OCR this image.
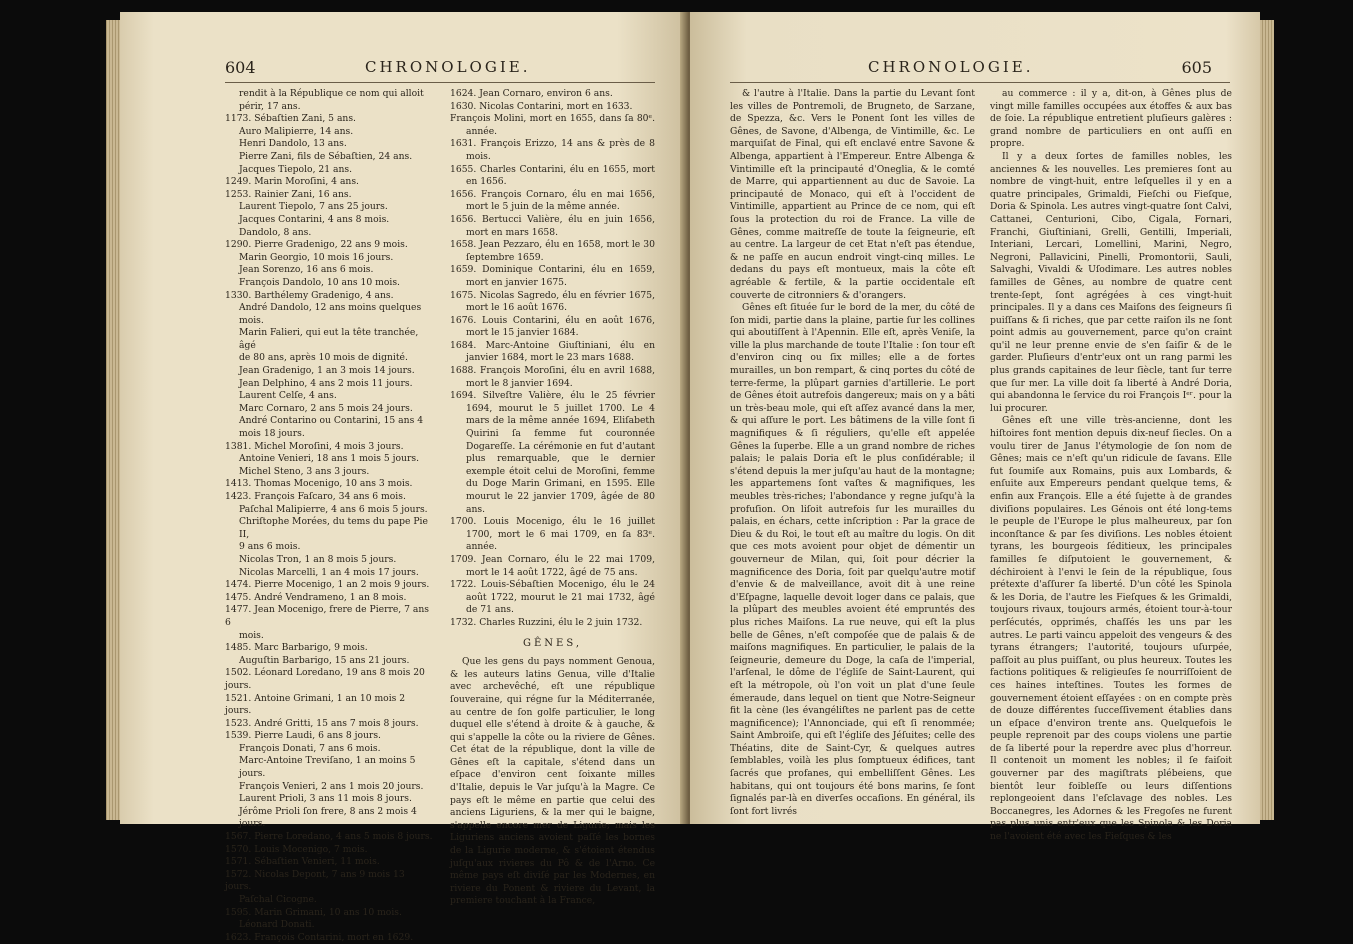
604	CHRONOLOGIE.

rendit à la République ce nom qui alloit

périr, 17 ans.

1173. Sébaſtien Zani, 5 ans.

Auro Malipierre, 14 ans.

Henri Dandolo, 13 ans.

Pierre Zani, fils de Sébaſtien, 24 ans.

Jacques Tiepolo, 21 ans.

1249. Marin Moroſini, 4 ans.

1253. Rainier Zani, 16 ans.

Laurent Tiepolo, 7 ans 25 jours.

Jacques Contarini, 4 ans 8 mois.

Dandolo, 8 ans.

1290. Pierre Gradenigo, 22 ans 9 mois.

Marin Georgio, 10 mois 16 jours.

Jean Sorenzo, 16 ans 6 mois.

François Dandolo, 10 ans 10 mois.

1330. Barthélemy Gradenigo, 4 ans.

André Dandolo, 12 ans moins quelques mois.

Marin Falieri, qui eut la tête tranchée, âgé

de 80 ans, après 10 mois de dignité.

Jean Gradenigo, 1 an 3 mois 14 jours.

Jean Delphino, 4 ans 2 mois 11 jours.

Laurent Celſe, 4 ans.

Marc Cornaro, 2 ans 5 mois 24 jours.

André Contarino ou Contarini, 15 ans 4

mois 18 jours.

1381. Michel Moroſini, 4 mois 3 jours.

Antoine Venieri, 18 ans 1 mois 5 jours.

Michel Steno, 3 ans 3 jours.

1413. Thomas Mocenigo, 10 ans 3 mois.

1423. François Faſcaro, 34 ans 6 mois.

Paſchal Malipierre, 4 ans 6 mois 5 jours.

Chriſtophe Morées, du tems du pape Pie II,

9 ans 6 mois.

Nicolas Tron, 1 an 8 mois 5 jours.

Nicolas Marcelli, 1 an 4 mois 17 jours.

1474. Pierre Mocenigo, 1 an 2 mois 9 jours.

1475. André Vendrameno, 1 an 8 mois.

1477. Jean Mocenigo, frere de Pierre, 7 ans 6

mois.

1485. Marc Barbarigo, 9 mois.

Auguſtin Barbarigo, 15 ans 21 jours.

1502. Léonard Loredano, 19 ans 8 mois 20 jours.

1521. Antoine Grimani, 1 an 10 mois 2 jours.

1523. André Gritti, 15 ans 7 mois 8 jours.

1539. Pierre Laudi, 6 ans 8 jours.

François Donati, 7 ans 6 mois.

Marc-Antoine Treviſano, 1 an moins 5 jours.

François Venieri, 2 ans 1 mois 20 jours.

Laurent Prioli, 3 ans 11 mois 8 jours.

Jérôme Prioli ſon frere, 8 ans 2 mois 4

jours.

1567. Pierre Loredano, 4 ans 5 mois 8 jours.

1570. Louis Mocenigo, 7 mois.

1571. Sébaſtien Venieri, 11 mois.

1572. Nicolas Depont, 7 ans 9 mois 13 jours.

Paſchal Cicogne.

1595. Marin Grimani, 10 ans 10 mois.

Léonard Donati.

1623. François Contarini, mort en 1629.

1624. Jean Cornaro, environ 6 ans.

1630. Nicolas Contarini, mort en 1633.

François Molini, mort en 1655, dans ſa 80ᵉ. année.

1631. François Erizzo, 14 ans & près de 8 mois.

1655. Charles Contarini, élu en 1655, mort en 1656.

1656. François Cornaro, élu en mai 1656, mort le 5 juin de la même année.

1656. Bertucci Valière, élu en juin 1656, mort en mars 1658.

1658. Jean Pezzaro, élu en 1658, mort le 30 ſeptembre 1659.

1659. Dominique Contarini, élu en 1659, mort en janvier 1675.

1675. Nicolas Sagredo, élu en février 1675, mort le 16 août 1676.

1676. Louis Contarini, élu en août 1676, mort le 15 janvier 1684.

1684. Marc-Antoine Giuſtiniani, élu en janvier 1684, mort le 23 mars 1688.

1688. François Moroſini, élu en avril 1688, mort le 8 janvier 1694.

1694. Silveſtre Valière, élu le 25 février 1694, mourut le 5 juillet 1700. Le 4 mars de la même année 1694, Eliſabeth Quirini ſa femme fut couronnée Dogareſſe. La cérémonie en fut d'autant plus remarquable, que le dernier exemple étoit celui de Moroſini, femme du Doge Marin Grimani, en 1595. Elle mourut le 22 janvier 1709, âgée de 80 ans.

1700. Louis Mocenigo, élu le 16 juillet 1700, mort le 6 mai 1709, en ſa 83ᵉ. année.

1709. Jean Cornaro, élu le 22 mai 1709, mort le 14 août 1722, âgé de 75 ans.

1722. Louis-Sébaſtien Mocenigo, élu le 24 août 1722, mourut le 21 mai 1732, âgé de 71 ans.

1732. Charles Ruzzini, élu le 2 juin 1732.

GÊNES,

Que les gens du pays nomment Genoua, & les auteurs latins Genua, ville d'Italie avec archevêché, eſt une république ſouveraine, qui régne ſur la Méditerranée, au centre de ſon golfe particulier, le long duquel elle s'étend à droite & à gauche, & qui s'appelle la côte ou la riviere de Gênes. Cet état de la république, dont la ville de Gênes eſt la capitale, s'étend dans un eſpace d'environ cent ſoixante milles d'Italie, depuis le Var juſqu'à la Magre. Ce pays eſt le même en partie que celui des anciens Liguriens, & la mer qui le baigne, s'appelle encore mer de Ligurie; mais les Liguriens anciens avoient paſſé les bornes de la Ligurie moderne, & s'étoient étendus juſqu'aux rivieres du Pô & de l'Arno. Ce même pays eſt diviſé par les Modernes, en riviere du Ponent & riviere du Levant, la premiere touchant à la France,

CHRONOLOGIE.	605

& l'autre à l'Italie. Dans la partie du Levant ſont les villes de Pontremoli, de Brugneto, de Sarzane, de Spezza, &c. Vers le Ponent ſont les villes de Gênes, de Savone, d'Albenga, de Vintimille, &c. Le marquiſat de Final, qui eſt enclavé entre Savone & Albenga, appartient à l'Empereur. Entre Albenga & Vintimille eſt la principauté d'Oneglia, & le comté de Marre, qui appartiennent au duc de Savoie. La principauté de Monaco, qui eſt à l'occident de Vintimille, appartient au Prince de ce nom, qui eſt ſous la protection du roi de France. La ville de Gênes, comme maitreſſe de toute la ſeigneurie, eſt au centre. La largeur de cet Etat n'eſt pas étendue, & ne paſſe en aucun endroit vingt-cinq milles. Le dedans du pays eſt montueux, mais la côte eſt agréable & fertile, & la partie occidentale eſt couverte de citronniers & d'orangers.

Gênes eſt ſituée ſur le bord de la mer, du côté de ſon midi, partie dans la plaine, partie ſur les collines qui aboutiſſent à l'Apennin. Elle eſt, après Veniſe, la ville la plus marchande de toute l'Italie : ſon tour eſt d'environ cinq ou ſix milles; elle a de fortes murailles, un bon rempart, & cinq portes du côté de terre-ferme, la plûpart garnies d'artillerie. Le port de Gênes étoit autrefois dangereux; mais on y a bâti un très-beau mole, qui eſt aſſez avancé dans la mer, & qui aſſure le port. Les bâtimens de la ville ſont ſi magnifiques & ſi réguliers, qu'elle eſt appelée Gênes la ſuperbe. Elle a un grand nombre de riches palais; le palais Doria eſt le plus conſidérable; il s'étend depuis la mer juſqu'au haut de la montagne; les appartemens ſont vaſtes & magnifiques, les meubles très-riches; l'abondance y regne juſqu'à la profuſion. On liſoit autrefois ſur les murailles du palais, en échars, cette inſcription : Par la grace de Dieu & du Roi, le tout eſt au maître du logis. On dit que ces mots avoient pour objet de démentir un gouverneur de Milan, qui, ſoit pour décrier la magnificence des Doria, ſoit par quelqu'autre motif d'envie & de malveillance, avoit dit à une reine d'Eſpagne, laquelle devoit loger dans ce palais, que la plûpart des meubles avoient été empruntés des plus riches Maiſons. La rue neuve, qui eſt la plus belle de Gênes, n'eſt compoſée que de palais & de maiſons magnifiques. En particulier, le palais de la ſeigneurie, demeure du Doge, la caſa de l'imperial, l'arſenal, le dôme de l'égliſe de Saint-Laurent, qui eſt la métropole, où l'on voit un plat d'une ſeule émeraude, dans lequel on tient que Notre-Seigneur fit la cène (les évangéliſtes ne parlent pas de cette magnificence); l'Annonciade, qui eſt ſi renommée; Saint Ambroiſe, qui eſt l'égliſe des Jéſuites; celle des Théatins, dite de Saint-Cyr, & quelques autres ſemblables, voilà les plus ſomptueux édifices, tant ſacrés que profanes, qui embelliſſent Gênes. Les habitans, qui ont toujours été bons marins, ſe ſont ſignalés par-là en diverſes occaſions. En général, ils ſont fort livrés

au commerce : il y a, dit-on, à Gênes plus de vingt mille familles occupées aux étoffes & aux bas de ſoie. La république entretient pluſieurs galères : grand nombre de particuliers en ont auſſi en propre.

Il y a deux ſortes de familles nobles, les anciennes & les nouvelles. Les premieres ſont au nombre de vingt-huit, entre leſquelles il y en a quatre principales, Grimaldi, Fieſchi ou Fieſque, Doria & Spinola. Les autres vingt-quatre ſont Calvi, Cattanei, Centurioni, Cibo, Cigala, Fornari, Franchi, Giuſtiniani, Grelli, Gentilli, Imperiali, Interiani, Lercari, Lomellini, Marini, Negro, Negroni, Pallavicini, Pinelli, Promontorii, Sauli, Salvaghi, Vivaldi & Uſodimare. Les autres nobles familles de Gênes, au nombre de quatre cent trente-ſept, ſont agrégées à ces vingt-huit principales. Il y a dans ces Maiſons des ſeigneurs ſi puiſſans & ſi riches, que par cette raiſon ils ne ſont point admis au gouvernement, parce qu'on craint qu'il ne leur prenne envie de s'en ſaiſir & de le garder. Pluſieurs d'entr'eux ont un rang parmi les plus grands capitaines de leur ſiècle, tant ſur terre que ſur mer. La ville doit ſa liberté à André Doria, qui abandonna le ſervice du roi François Iᵉʳ. pour la lui procurer.

Gênes eſt une ville très-ancienne, dont les hiſtoires font mention depuis dix-neuf ſiecles. On a voulu tirer de Janus l'étymologie de ſon nom de Gênes; mais ce n'eſt qu'un ridicule de ſavans. Elle fut ſoumiſe aux Romains, puis aux Lombards, & enſuite aux Empereurs pendant quelque tems, & enfin aux François. Elle a été ſujette à de grandes diviſions populaires. Les Génois ont été long-tems le peuple de l'Europe le plus malheureux, par ſon inconſtance & par ſes diviſions. Les nobles étoient tyrans, les bourgeois ſéditieux, les principales familles ſe diſputoient le gouvernement, & déchiroient à l'envi le ſein de la république, ſous prétexte d'aſſurer ſa liberté. D'un côté les Spinola & les Doria, de l'autre les Fieſques & les Grimaldi, toujours rivaux, toujours armés, étoient tour-à-tour perſécutés, opprimés, chaſſés les uns par les autres. Le parti vaincu appeloit des vengeurs & des tyrans étrangers; l'autorité, toujours uſurpée, paſſoit au plus puiſſant, ou plus heureux. Toutes les factions politiques & religieuſes ſe nourriſſoient de ces haines inteſtines. Toutes les formes de gouvernement étoient eſſayées : on en compte près de douze différentes ſucceſſivement établies dans un eſpace d'environ trente ans. Quelquefois le peuple reprenoit par des coups violens une partie de ſa liberté pour la reperdre avec plus d'horreur. Il contenoit un moment les nobles; il ſe faiſoit gouverner par des magiſtrats plébeiens, que bientôt leur foibleſſe ou leurs diſſentions replongeoient dans l'eſclavage des nobles. Les Boccanegres, les Adornes & les Fregoſes ne furent pas plus unis entr'eux que les Spinola & les Doria ne l'avoient été avec les Fieſques & les
